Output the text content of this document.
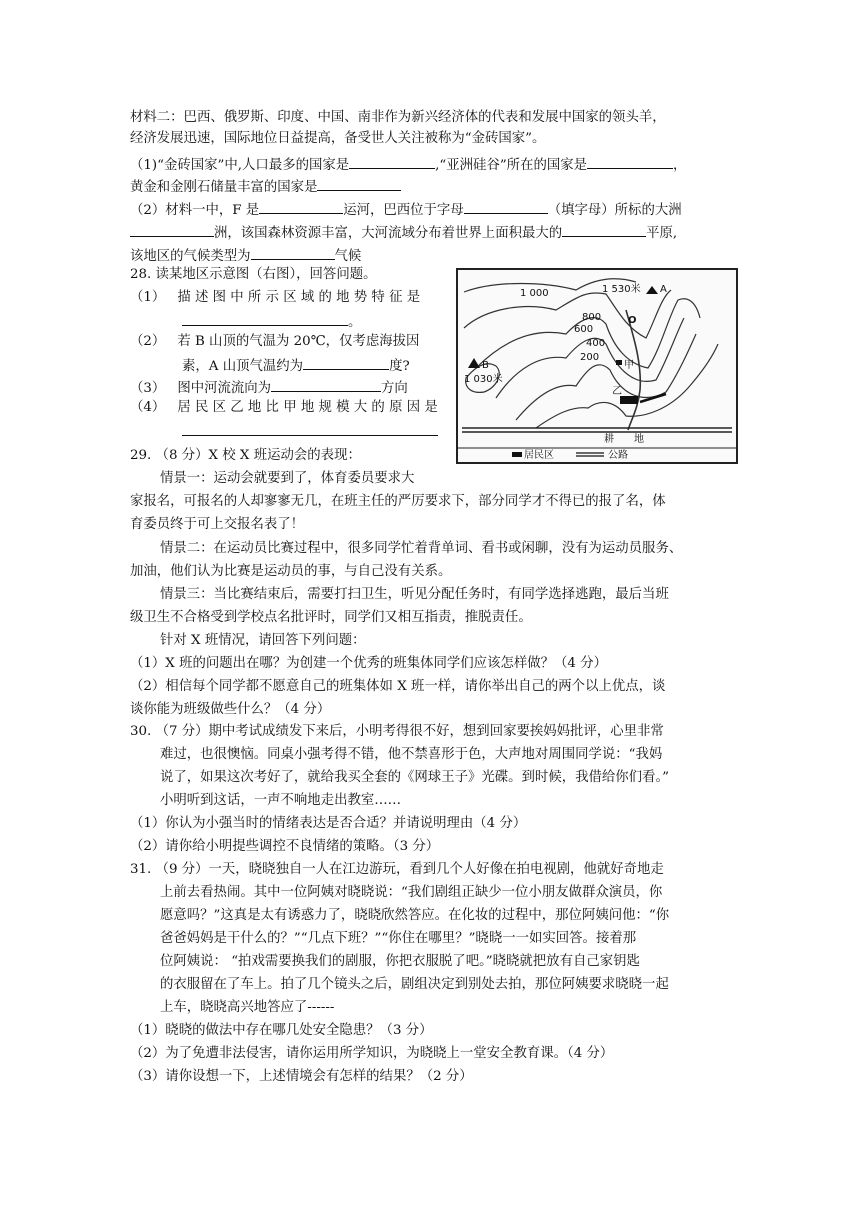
材料二：巴西、俄罗斯、印度、中国、南非作为新兴经济体的代表和发展中国家的领头羊，
经济发展迅速，国际地位日益提高，备受世人关注被称为“金砖国家”。
（1)“金砖国家”中,人口最多的国家是	,“亚洲硅谷”所在的国家是	，
黄金和金刚石储量丰富的国家是
（2）材料一中，F 是	运河，巴西位于字母	（填字母）所标的大洲
洲，该国森林资源丰富，大河流域分布着世界上面积最大的	平原,
该地区的气候类型为	气候
28. 读某地区示意图（右图），回答问题。
（1） 描 述 图 中 所 示 区 域 的 地 势 特 征 是
。
（2） 若 B 山顶的气温为 20℃，仅考虑海拔因
素，A 山顶气温约为	度?
（3） 图中河流流向为	方向
（4） 居 民 区 乙 地 比 甲 地 规 模 大 的 原 因 是
1 000
800
600
400
200
1 530米 A
O
B
1 030米
甲
乙
耕　　地
居民区	公路
29. （8 分）X 校 X 班运动会的表现：
情景一：运动会就要到了，体育委员要求大
家报名，可报名的人却寥寥无几，在班主任的严厉要求下，部分同学才不得已的报了名，体
育委员终于可上交报名表了！
情景二：在运动员比赛过程中，很多同学忙着背单词、看书或闲聊，没有为运动员服务、
加油，他们认为比赛是运动员的事，与自己没有关系。
情景三：当比赛结束后，需要打扫卫生，听见分配任务时，有同学选择逃跑，最后当班
级卫生不合格受到学校点名批评时，同学们又相互指责，推脱责任。
针对 X 班情况，请回答下列问题：
（1）X 班的问题出在哪？为创建一个优秀的班集体同学们应该怎样做？（4 分）
（2）相信每个同学都不愿意自己的班集体如 X 班一样，请你举出自己的两个以上优点，谈
谈你能为班级做些什么？（4 分）
30. （7 分）期中考试成绩发下来后，小明考得很不好，想到回家要挨妈妈批评，心里非常
难过，也很懊恼。同桌小强考得不错，他不禁喜形于色，大声地对周围同学说：“我妈
说了，如果这次考好了，就给我买全套的《网球王子》光碟。到时候，我借给你们看。”
小明听到这话，一声不响地走出教室……
（1）你认为小强当时的情绪表达是否合适？并请说明理由（4 分）
（2）请你给小明提些调控不良情绪的策略。（3 分）
31. （9 分）一天，晓晓独自一人在江边游玩，看到几个人好像在拍电视剧，他就好奇地走
上前去看热闹。其中一位阿姨对晓晓说：“我们剧组正缺少一位小朋友做群众演员，你
愿意吗？”这真是太有诱惑力了，晓晓欣然答应。在化妆的过程中，那位阿姨问他：“你
爸爸妈妈是干什么的？”“几点下班？”“你住在哪里？”晓晓一一如实回答。接着那
位阿姨说： “拍戏需要换我们的剧服，你把衣服脱了吧。”晓晓就把放有自己家钥匙
的衣服留在了车上。拍了几个镜头之后，剧组决定到别处去拍，那位阿姨要求晓晓一起
上车，晓晓高兴地答应了------
（1）晓晓的做法中存在哪几处安全隐患？（3 分）
（2）为了免遭非法侵害，请你运用所学知识，为晓晓上一堂安全教育课。（4 分）
（3）请你设想一下，上述情境会有怎样的结果？（2 分）
